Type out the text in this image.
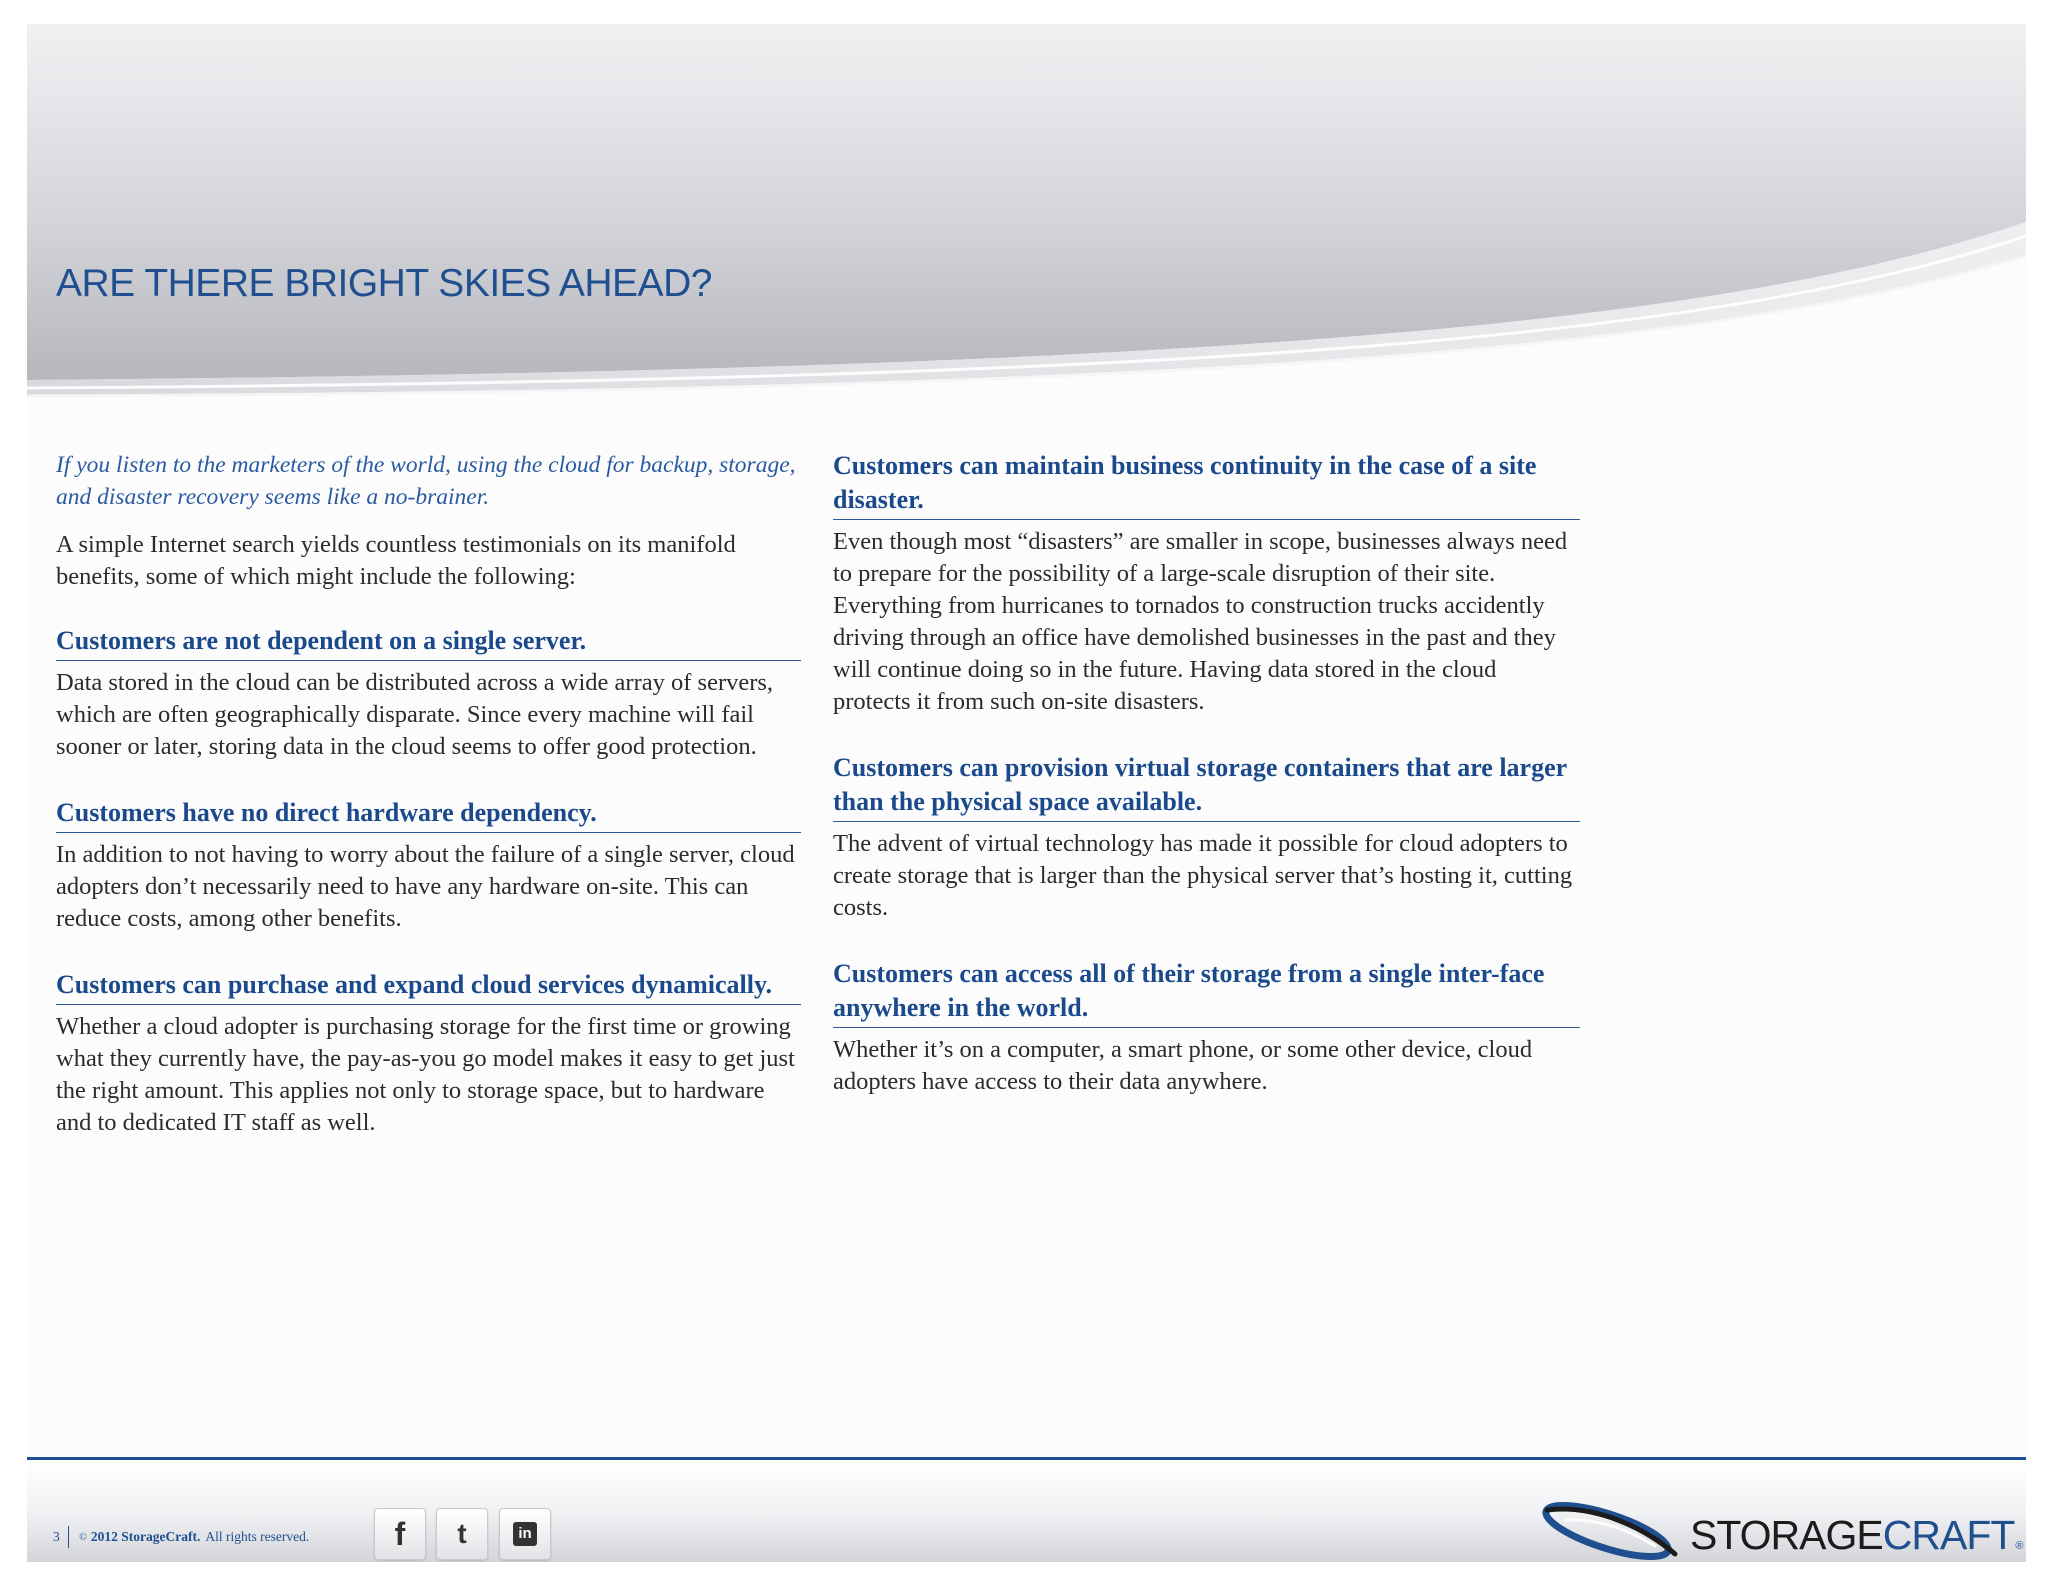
ARE THERE BRIGHT SKIES AHEAD?

If you listen to the marketers of the world, using the cloud for backup, storage, and disaster recovery seems like a no-brainer.

A simple Internet search yields countless testimonials on its manifold benefits, some of which might include the following:

Customers are not dependent on a single server.

Data stored in the cloud can be distributed across a wide array of servers, which are often geographically disparate. Since every machine will fail sooner or later, storing data in the cloud seems to offer good protection.

Customers have no direct hardware dependency.

In addition to not having to worry about the failure of a single server, cloud adopters don’t necessarily need to have any hardware on-site. This can reduce costs, among other benefits.

Customers can purchase and expand cloud services dynamically.

Whether a cloud adopter is purchasing storage for the first time or growing what they currently have, the pay-as-you go model makes it easy to get just the right amount. This applies not only to storage space, but to hardware and to dedicated IT staff as well.

Customers can maintain business continuity in the case of a site disaster.

Even though most “disasters” are smaller in scope, businesses always need to prepare for the possibility of a large-scale disruption of their site. Everything from hurricanes to tornados to construction trucks accidently driving through an office have demolished businesses in the past and they will continue doing so in the future. Having data stored in the cloud protects it from such on-site disasters.

Customers can provision virtual storage containers that are larger than the physical space available.

The advent of virtual technology has made it possible for cloud adopters to create storage that is larger than the physical server that’s hosting it, cutting costs.

Customers can access all of their storage from a single inter-face anywhere in the world.

Whether it’s on a computer, a smart phone, or some other device, cloud adopters have access to their data anywhere.

3 © 2012 StorageCraft. All rights reserved.	f t	in	STORAGECRAFT®
